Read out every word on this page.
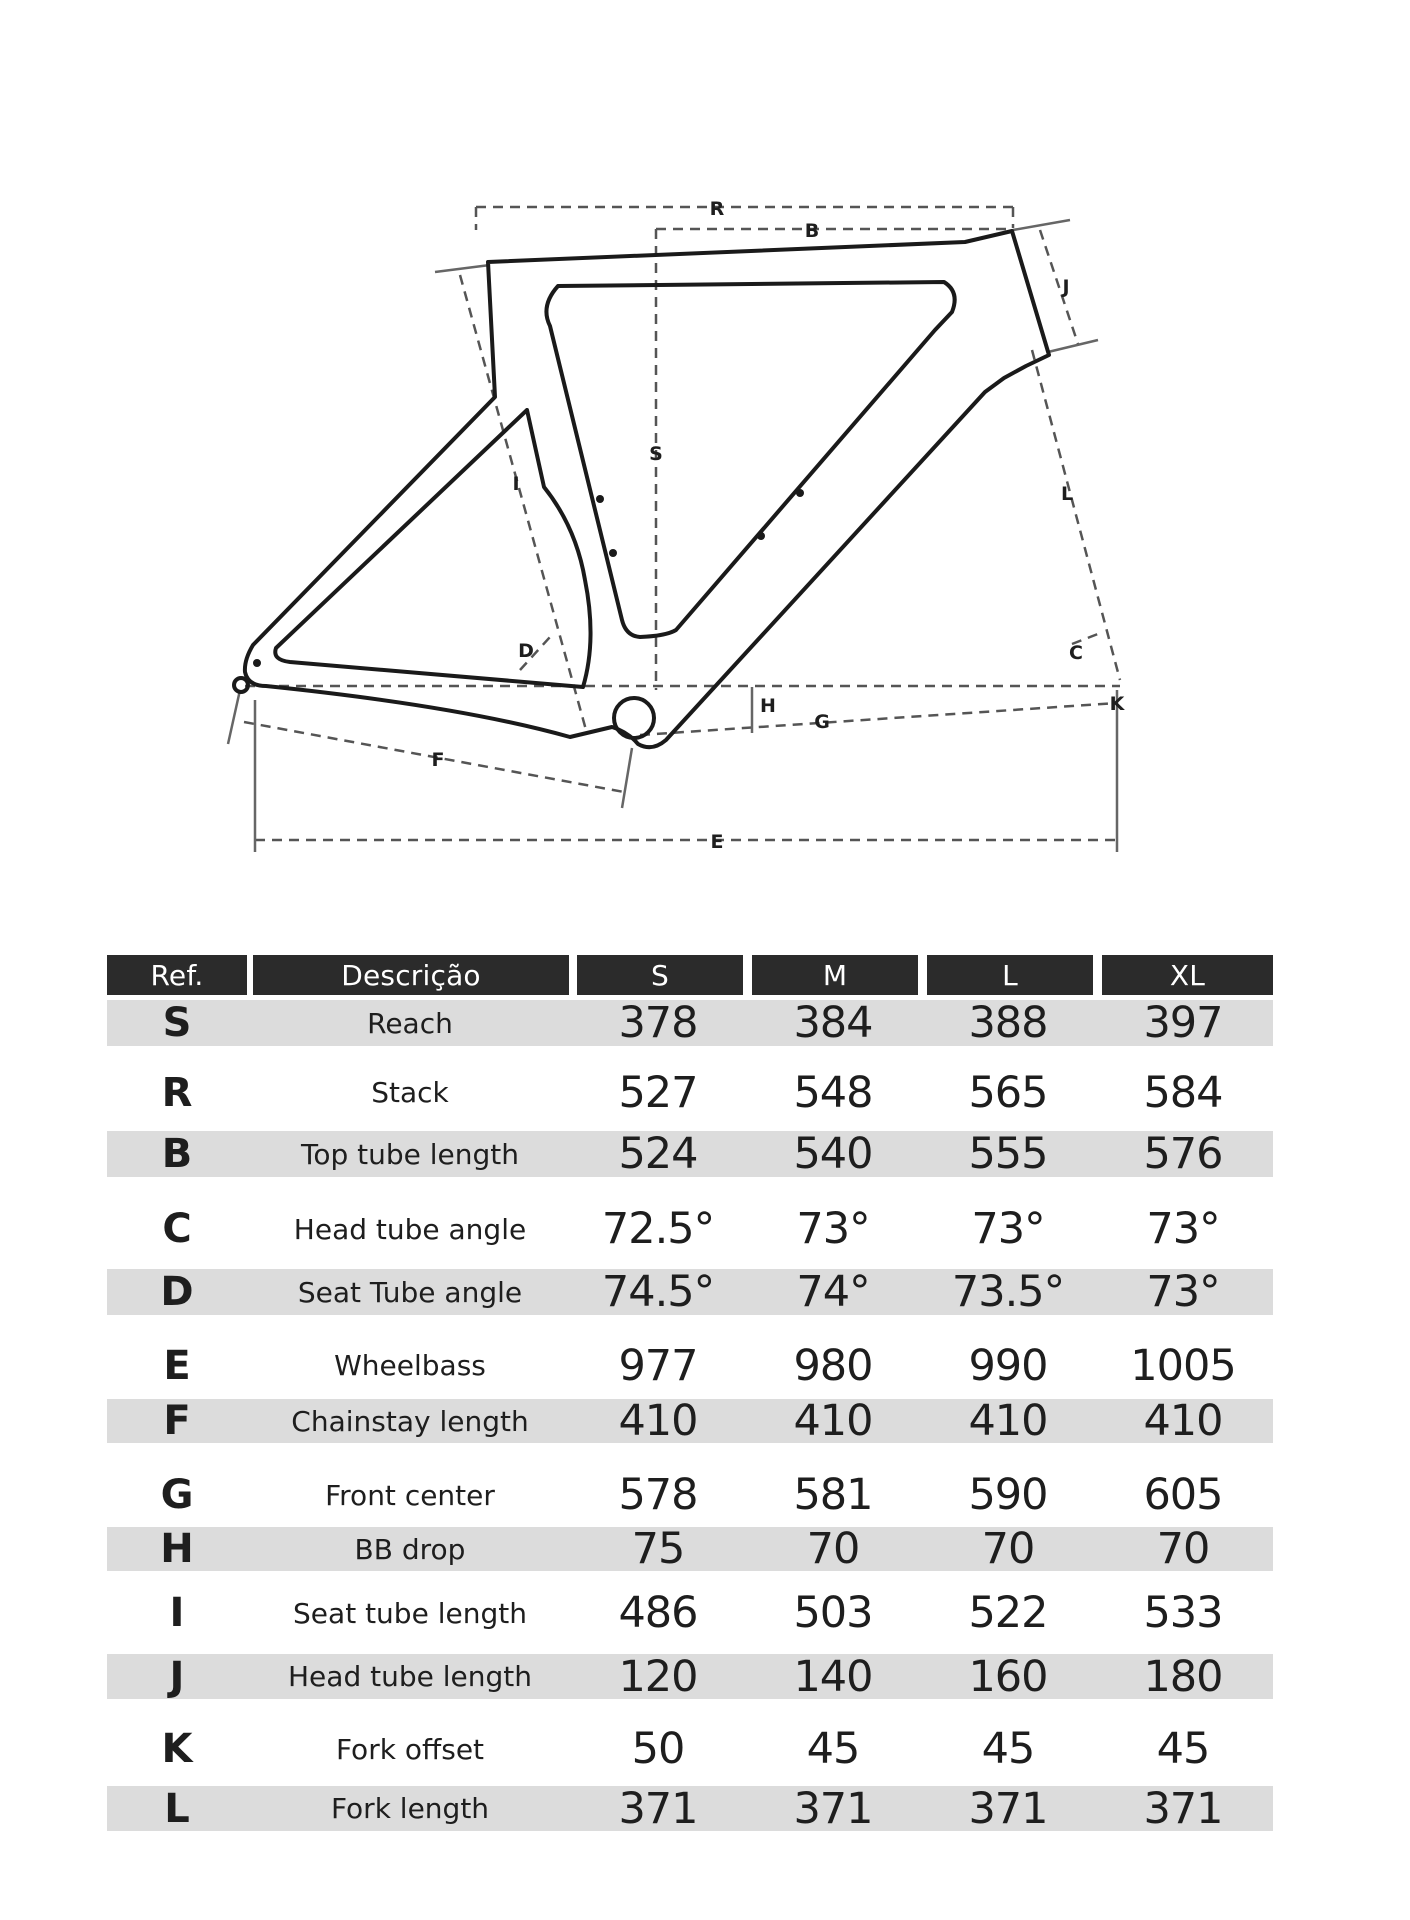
R
B
J
S
L
I
D	C
H
G
K
F
E
Ref.	Descrição	S	M	L	XL
S	Reach	378	384	388	397
R	Stack	527	548	565	584
B	Top tube length	524	540	555	576
C	Head tube angle	72.5°	73°	73°	73°
D	Seat Tube angle	74.5°	74°	73.5°	73°
E	Wheelbass	977	980	990	1005
F	Chainstay length	410	410	410	410
G	Front center	578	581	590	605
H	BB drop	75	70	70	70
I	Seat tube length	486	503	522	533
J	Head tube length	120	140	160	180
K	Fork offset	50	45	45	45
L	Fork length	371	371	371	371
